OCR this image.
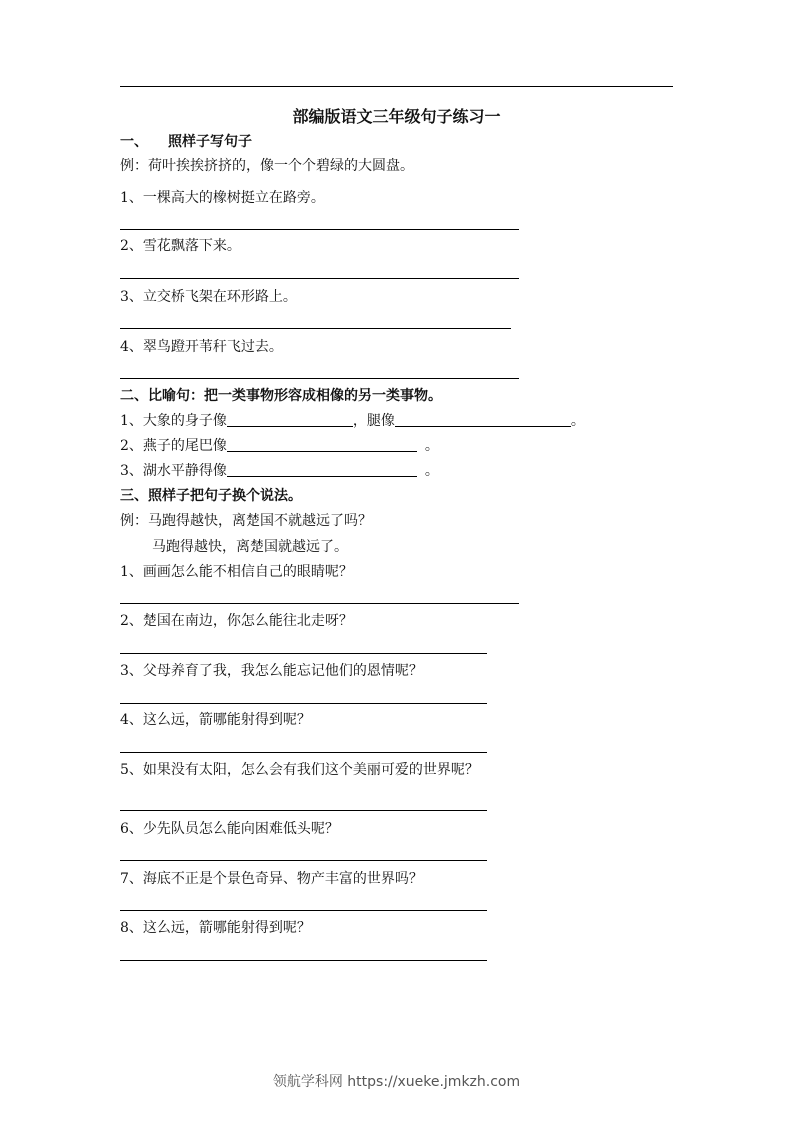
部编版语文三年级句子练习一
一、 照样子写句子
例：荷叶挨挨挤挤的，像一个个碧绿的大圆盘。
1、一棵高大的橡树挺立在路旁。
2、雪花飘落下来。
3、立交桥飞架在环形路上。
4、翠鸟蹬开苇秆飞过去。
二、比喻句：把一类事物形容成相像的另一类事物。
1、大象的身子像	，腿像	。
2、燕子的尾巴像	。
3、湖水平静得像	。
三、照样子把句子换个说法。
例：马跑得越快，离楚国不就越远了吗？
马跑得越快，离楚国就越远了。
1、画画怎么能不相信自己的眼睛呢？
2、楚国在南边，你怎么能往北走呀？
3、父母养育了我，我怎么能忘记他们的恩情呢？
4、这么远，箭哪能射得到呢？
5、如果没有太阳，怎么会有我们这个美丽可爱的世界呢？
6、少先队员怎么能向困难低头呢？
7、海底不正是个景色奇异、物产丰富的世界吗？
8、这么远，箭哪能射得到呢？
领航学科网 https://xueke.jmkzh.com
